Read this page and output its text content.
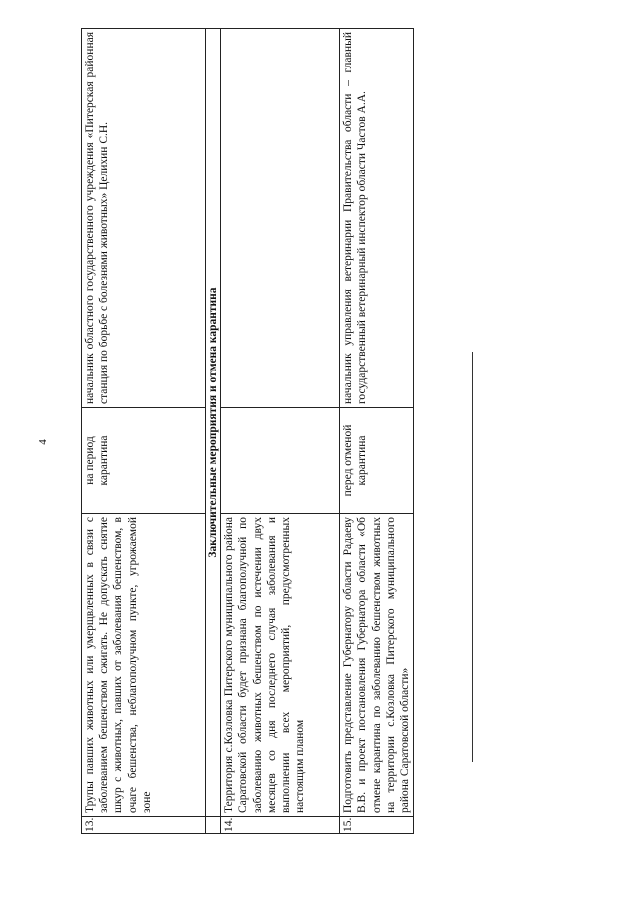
4
13.	Трупы павших животных или умерщвленных в связи с заболеванием бешенством сжигать. Не допускать снятие шкур с животных, павших от заболевания бешенством, в очаге бешенства, неблагополучном пункте, угрожаемой зоне	на период карантина	начальник областного государственного учреждения «Питерская районная станция по борьбе с болезнями животных» Целихин С.Н.
	Заключительные мероприятия и отмена карантина		
14.	Территория с.Козловка Питерского муниципального района Саратовской области будет признана благополучной по заболеванию животных бешенством по истечении двух месяцев со дня последнего случая заболевания и выполнении всех мероприятий, предусмотренных настоящим планом		
15.	Подготовить представление Губернатору области Радаеву В.В. и проект постановления Губернатора области «Об отмене карантина по заболеванию бешенством животных на территории с.Козловка Питерского муниципального района Саратовской области»	перед отменой карантина	начальник управления ветеринарии Правительства области – главный государственный ветеринарный инспектор области Частов А.А.
